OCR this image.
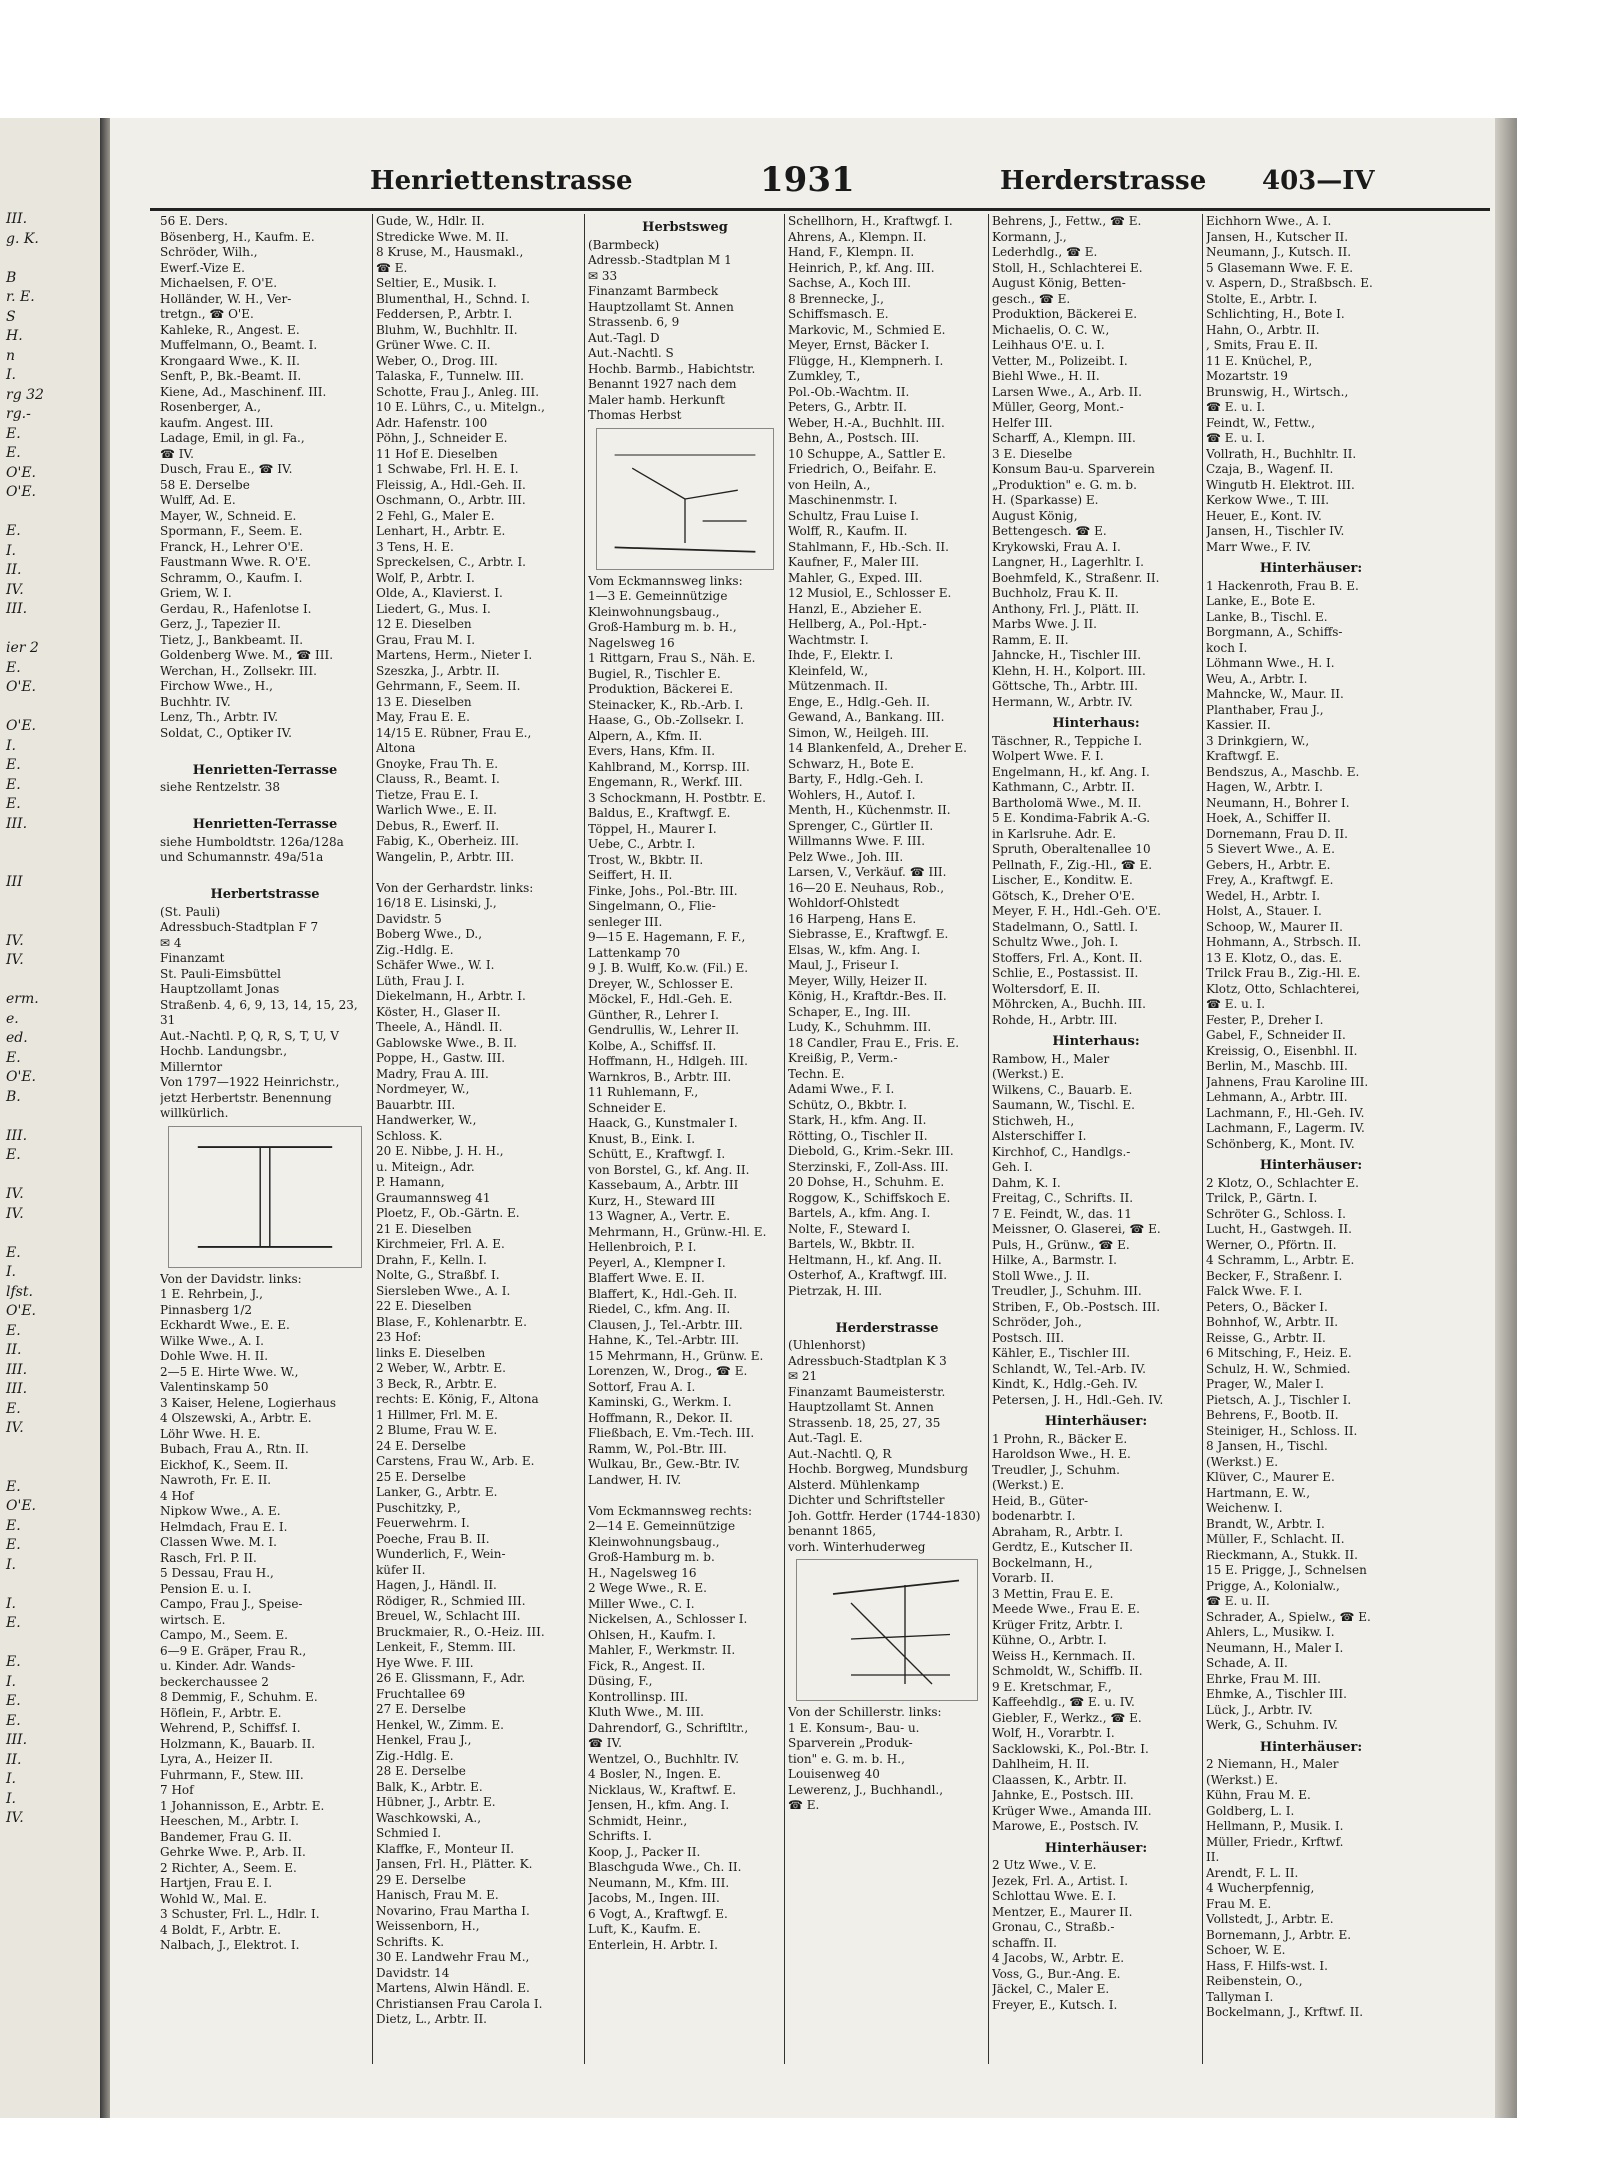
III.
g. K.

B
r. E.
S
H.
n
I.
rg 32
rg.-
E.
E.
O'E.
O'E.

E.
I.
II.
IV.
III.

ier 2
E.
O'E.

O'E.
I.
E.
E.
E.
III.

III

IV.
IV.

erm.
e.
ed.
E.
O'E.
B.

III.
E.

IV.
IV.

E.
I.
lfst.
O'E.
E.
II.
III.
III.
E.
IV.

E.
O'E.
E.
E.
I.

I.
E.

E.
I.
E.
E.
III.
II.
I.
I.
IV.
Henriettenstrasse	1931	Herderstrasse 403—IV
56 E. Ders.
Bösenberg, H., Kaufm. E.
Schröder, Wilh.,
Ewerf.-Vize E.
Michaelsen, F. O'E.
Holländer, W. H., Ver-
tretgn., ☎ O'E.
Kahleke, R., Angest. E.
Muffelmann, O., Beamt. I.
Krongaard Wwe., K. II.
Senft, P., Bk.-Beamt. II.
Kiene, Ad., Maschinenf. III.
Rosenberger, A.,
kaufm. Angest. III.
Ladage, Emil, in gl. Fa.,
☎ IV.
Dusch, Frau E., ☎ IV.
58 E. Derselbe
Wulff, Ad. E.
Mayer, W., Schneid. E.
Spormann, F., Seem. E.
Franck, H., Lehrer O'E.
Faustmann Wwe. R. O'E.
Schramm, O., Kaufm. I.
Griem, W. I.
Gerdau, R., Hafenlotse I.
Gerz, J., Tapezier II.
Tietz, J., Bankbeamt. II.
Goldenberg Wwe. M., ☎ III.
Werchan, H., Zollsekr. III.
Firchow Wwe., H.,
Buchhtr. IV.
Lenz, Th., Arbtr. IV.
Soldat, C., Optiker IV.
Henrietten-Terrasse
siehe Rentzelstr. 38
Henrietten-Terrasse
siehe Humboldtstr. 126a/128a
und Schumannstr. 49a/51a
Herbertstrasse
(St. Pauli)
Adressbuch-Stadtplan F 7
✉ 4
Finanzamt
St. Pauli-Eimsbüttel
Hauptzollamt Jonas
Straßenb. 4, 6, 9, 13, 14, 15, 23,
31
Aut.-Nachtl. P, Q, R, S, T, U, V
Hochb. Landungsbr.,
Millerntor
Von 1797—1922 Heinrichstr.,
jetzt Herbertstr. Benennung
willkürlich.
Von der Davidstr. links:
1 E. Rehrbein, J.,
Pinnasberg 1/2
Eckhardt Wwe., E. E.
Wilke Wwe., A. I.
Dohle Wwe. H. II.
2—5 E. Hirte Wwe. W.,
Valentinskamp 50
3 Kaiser, Helene, Logierhaus
4 Olszewski, A., Arbtr. E.
Löhr Wwe. H. E.
Bubach, Frau A., Rtn. II.
Eickhof, K., Seem. II.
Nawroth, Fr. E. II.
4 Hof
Nipkow Wwe., A. E.
Helmdach, Frau E. I.
Classen Wwe. M. I.
Rasch, Frl. P. II.
5 Dessau, Frau H.,
Pension E. u. I.
Campo, Frau J., Speise-
wirtsch. E.
Campo, M., Seem. E.
6—9 E. Gräper, Frau R.,
u. Kinder. Adr. Wands-
beckerchaussee 2
8 Demmig, F., Schuhm. E.
Höflein, F., Arbtr. E.
Wehrend, P., Schiffsf. I.
Holzmann, K., Bauarb. II.
Lyra, A., Heizer II.
Fuhrmann, F., Stew. III.
7 Hof
1 Johannisson, E., Arbtr. E.
Heeschen, M., Arbtr. I.
Bandemer, Frau G. II.
Gehrke Wwe. P., Arb. II.
2 Richter, A., Seem. E.
Hartjen, Frau E. I.
Wohld W., Mal. E.
3 Schuster, Frl. L., Hdlr. I.
4 Boldt, F., Arbtr. E.
Nalbach, J., Elektrot. I.
Gude, W., Hdlr. II.
Stredicke Wwe. M. II.
8 Kruse, M., Hausmakl.,
☎ E.
Seltier, E., Musik. I.
Blumenthal, H., Schnd. I.
Feddersen, P., Arbtr. I.
Bluhm, W., Buchhltr. II.
Grüner Wwe. C. II.
Weber, O., Drog. III.
Talaska, F., Tunnelw. III.
Schotte, Frau J., Anleg. III.
10 E. Lührs, C., u. Mitelgn.,
Adr. Hafenstr. 100
Pöhn, J., Schneider E.
11 Hof E. Dieselben
1 Schwabe, Frl. H. E. I.
Fleissig, A., Hdl.-Geh. II.
Oschmann, O., Arbtr. III.
2 Fehl, G., Maler E.
Lenhart, H., Arbtr. E.
3 Tens, H. E.
Spreckelsen, C., Arbtr. I.
Wolf, P., Arbtr. I.
Olde, A., Klavierst. I.
Liedert, G., Mus. I.
12 E. Dieselben
Grau, Frau M. I.
Martens, Herm., Nieter I.
Szeszka, J., Arbtr. II.
Gehrmann, F., Seem. II.
13 E. Dieselben
May, Frau E. E.
14/15 E. Rübner, Frau E.,
Altona
Gnoyke, Frau Th. E.
Clauss, R., Beamt. I.
Tietze, Frau E. I.
Warlich Wwe., E. II.
Debus, R., Ewerf. II.
Fabig, K., Oberheiz. III.
Wangelin, P., Arbtr. III.
Von der Gerhardstr. links:
16/18 E. Lisinski, J.,
Davidstr. 5
Boberg Wwe., D.,
Zig.-Hdlg. E.
Schäfer Wwe., W. I.
Lüth, Frau J. I.
Diekelmann, H., Arbtr. I.
Köster, H., Glaser II.
Theele, A., Händl. II.
Gablowske Wwe., B. II.
Poppe, H., Gastw. III.
Madry, Frau A. III.
Nordmeyer, W.,
Bauarbtr. III.
Handwerker, W.,
Schloss. K.
20 E. Nibbe, J. H. H.,
u. Miteign., Adr.
P. Hamann,
Graumannsweg 41
Ploetz, F., Ob.-Gärtn. E.
21 E. Dieselben
Kirchmeier, Frl. A. E.
Drahn, F., Kelln. I.
Nolte, G., Straßbf. I.
Siersleben Wwe., A. I.
22 E. Dieselben
Blase, F., Kohlenarbtr. E.
23 Hof:
links E. Dieselben
2 Weber, W., Arbtr. E.
3 Beck, R., Arbtr. E.
rechts: E. König, F., Altona
1 Hillmer, Frl. M. E.
2 Blume, Frau W. E.
24 E. Derselbe
Carstens, Frau W., Arb. E.
25 E. Derselbe
Lanker, G., Arbtr. E.
Puschitzky, P.,
Feuerwehrm. I.
Poeche, Frau B. II.
Wunderlich, F., Wein-
küfer II.
Hagen, J., Händl. II.
Rödiger, R., Schmied III.
Breuel, W., Schlacht III.
Bruckmaier, R., O.-Heiz. III.
Lenkeit, F., Stemm. III.
Hye Wwe. F. III.
26 E. Glissmann, F., Adr.
Fruchtallee 69
27 E. Derselbe
Henkel, W., Zimm. E.
Henkel, Frau J.,
Zig.-Hdlg. E.
28 E. Derselbe
Balk, K., Arbtr. E.
Hübner, J., Arbtr. E.
Waschkowski, A.,
Schmied I.
Klaffke, F., Monteur II.
Jansen, Frl. H., Plätter. K.
29 E. Derselbe
Hanisch, Frau M. E.
Novarino, Frau Martha I.
Weissenborn, H.,
Schrifts. K.
30 E. Landwehr Frau M.,
Davidstr. 14
Martens, Alwin Händl. E.
Christiansen Frau Carola I.
Dietz, L., Arbtr. II.
Herbstsweg
(Barmbeck)
Adressb.-Stadtplan M 1
✉ 33
Finanzamt Barmbeck
Hauptzollamt St. Annen
Strassenb. 6, 9
Aut.-Tagl. D
Aut.-Nachtl. S
Hochb. Barmb., Habichtstr.
Benannt 1927 nach dem
Maler hamb. Herkunft
Thomas Herbst
Vom Eckmannsweg links:
1—3 E. Gemeinnützige
Kleinwohnungsbaug.,
Groß-Hamburg m. b. H.,
Nagelsweg 16
1 Rittgarn, Frau S., Näh. E.
Bugiel, R., Tischler E.
Produktion, Bäckerei E.
Steinacker, K., Rb.-Arb. I.
Haase, G., Ob.-Zollsekr. I.
Alpern, A., Kfm. II.
Evers, Hans, Kfm. II.
Kahlbrand, M., Korrsp. III.
Engemann, R., Werkf. III.
3 Schockmann, H. Postbtr. E.
Baldus, E., Kraftwgf. E.
Töppel, H., Maurer I.
Uebe, C., Arbtr. I.
Trost, W., Bkbtr. II.
Seiffert, H. II.
Finke, Johs., Pol.-Btr. III.
Singelmann, O., Flie-
senleger III.
9—15 E. Hagemann, F. F.,
Lattenkamp 70
9 J. B. Wulff, Ko.w. (Fil.) E.
Dreyer, W., Schlosser E.
Möckel, F., Hdl.-Geh. E.
Günther, R., Lehrer I.
Gendrullis, W., Lehrer II.
Kolbe, A., Schiffsf. II.
Hoffmann, H., Hdlgeh. III.
Warnkros, B., Arbtr. III.
11 Ruhlemann, F.,
Schneider E.
Haack, G., Kunstmaler I.
Knust, B., Eink. I.
Schütt, E., Kraftwgf. I.
von Borstel, G., kf. Ang. II.
Kassebaum, A., Arbtr. III
Kurz, H., Steward III
13 Wagner, A., Vertr. E.
Mehrmann, H., Grünw.-Hl. E.
Hellenbroich, P. I.
Peyerl, A., Klempner I.
Blaffert Wwe. E. II.
Blaffert, K., Hdl.-Geh. II.
Riedel, C., kfm. Ang. II.
Clausen, J., Tel.-Arbtr. III.
Hahne, K., Tel.-Arbtr. III.
15 Mehrmann, H., Grünw. E.
Lorenzen, W., Drog., ☎ E.
Sottorf, Frau A. I.
Kaminski, G., Werkm. I.
Hoffmann, R., Dekor. II.
Fließbach, E. Vm.-Tech. III.
Ramm, W., Pol.-Btr. III.
Wulkau, Br., Gew.-Btr. IV.
Landwer, H. IV.
Vom Eckmannsweg rechts:
2—14 E. Gemeinnützige
Kleinwohnungsbaug.,
Groß-Hamburg m. b.
H., Nagelsweg 16
2 Wege Wwe., R. E.
Miller Wwe., C. I.
Nickelsen, A., Schlosser I.
Ohlsen, H., Kaufm. I.
Mahler, F., Werkmstr. II.
Fick, R., Angest. II.
Düsing, F.,
Kontrollinsp. III.
Kluth Wwe., M. III.
Dahrendorf, G., Schriftltr.,
☎ IV.
Wentzel, O., Buchhltr. IV.
4 Bosler, N., Ingen. E.
Nicklaus, W., Kraftwf. E.
Jensen, H., kfm. Ang. I.
Schmidt, Heinr.,
Schrifts. I.
Koop, J., Packer II.
Blaschguda Wwe., Ch. II.
Neumann, M., Kfm. III.
Jacobs, M., Ingen. III.
6 Vogt, A., Kraftwgf. E.
Luft, K., Kaufm. E.
Enterlein, H. Arbtr. I.
Schellhorn, H., Kraftwgf. I.
Ahrens, A., Klempn. II.
Hand, F., Klempn. II.
Heinrich, P., kf. Ang. III.
Sachse, A., Koch III.
8 Brennecke, J.,
Schiffsmasch. E.
Markovic, M., Schmied E.
Meyer, Ernst, Bäcker I.
Flügge, H., Klempnerh. I.
Zumkley, T.,
Pol.-Ob.-Wachtm. II.
Peters, G., Arbtr. II.
Weber, H.-A., Buchhlt. III.
Behn, A., Postsch. III.
10 Schuppe, A., Sattler E.
Friedrich, O., Beifahr. E.
von Heiln, A.,
Maschinenmstr. I.
Schultz, Frau Luise I.
Wolff, R., Kaufm. II.
Stahlmann, F., Hb.-Sch. II.
Kaufner, F., Maler III.
Mahler, G., Exped. III.
12 Musiol, E., Schlosser E.
Hanzl, E., Abzieher E.
Hellberg, A., Pol.-Hpt.-
Wachtmstr. I.
Ihde, F., Elektr. I.
Kleinfeld, W.,
Mützenmach. II.
Enge, E., Hdlg.-Geh. II.
Gewand, A., Bankang. III.
Simon, W., Heilgeh. III.
14 Blankenfeld, A., Dreher E.
Schwarz, H., Bote E.
Barty, F., Hdlg.-Geh. I.
Wohlers, H., Autof. I.
Menth, H., Küchenmstr. II.
Sprenger, C., Gürtler II.
Willmanns Wwe. F. III.
Pelz Wwe., Joh. III.
Larsen, V., Verkäuf. ☎ III.
16—20 E. Neuhaus, Rob.,
Wohldorf-Ohlstedt
16 Harpeng, Hans E.
Siebrasse, E., Kraftwgf. E.
Elsas, W., kfm. Ang. I.
Maul, J., Friseur I.
Meyer, Willy, Heizer II.
König, H., Kraftdr.-Bes. II.
Schaper, E., Ing. III.
Ludy, K., Schuhmm. III.
18 Candler, Frau E., Fris. E.
Kreißig, P., Verm.-
Techn. E.
Adami Wwe., F. I.
Schütz, O., Bkbtr. I.
Stark, H., kfm. Ang. II.
Rötting, O., Tischler II.
Diebold, G., Krim.-Sekr. III.
Sterzinski, F., Zoll-Ass. III.
20 Dohse, H., Schuhm. E.
Roggow, K., Schiffskoch E.
Bartels, A., kfm. Ang. I.
Nolte, F., Steward I.
Bartels, W., Bkbtr. II.
Heltmann, H., kf. Ang. II.
Osterhof, A., Kraftwgf. III.
Pietrzak, H. III.
Herderstrasse
(Uhlenhorst)
Adressbuch-Stadtplan K 3
✉ 21
Finanzamt Baumeisterstr.
Hauptzollamt St. Annen
Strassenb. 18, 25, 27, 35
Aut.-Tagl. E.
Aut.-Nachtl. Q, R
Hochb. Borgweg, Mundsburg
Alsterd. Mühlenkamp
Dichter und Schriftsteller
Joh. Gottfr. Herder (1744-1830)
benannt 1865,
vorh. Winterhuderweg
Von der Schillerstr. links:
1 E. Konsum-, Bau- u.
Sparverein „Produk-
tion" e. G. m. b. H.,
Louisenweg 40
Lewerenz, J., Buchhandl.,
☎ E.
Behrens, J., Fettw., ☎ E.
Kormann, J.,
Lederhdlg., ☎ E.
Stoll, H., Schlachterei E.
August König, Betten-
gesch., ☎ E.
Produktion, Bäckerei E.
Michaelis, O. C. W.,
Leihhaus O'E. u. I.
Vetter, M., Polizeibt. I.
Biehl Wwe., H. II.
Larsen Wwe., A., Arb. II.
Müller, Georg, Mont.-
Helfer III.
Scharff, A., Klempn. III.
3 E. Dieselbe
Konsum Bau-u. Sparverein
„Produktion" e. G. m. b.
H. (Sparkasse) E.
August König,
Bettengesch. ☎ E.
Krykowski, Frau A. I.
Langner, H., Lagerhltr. I.
Boehmfeld, K., Straßenr. II.
Buchholz, Frau K. II.
Anthony, Frl. J., Plätt. II.
Marbs Wwe. J. II.
Ramm, E. II.
Jahncke, H., Tischler III.
Klehn, H. H., Kolport. III.
Göttsche, Th., Arbtr. III.
Hermann, W., Arbtr. IV.
Hinterhaus:
Täschner, R., Teppiche I.
Wolpert Wwe. F. I.
Engelmann, H., kf. Ang. I.
Kathmann, C., Arbtr. II.
Bartholomä Wwe., M. II.
5 E. Kondima-Fabrik A.-G.
in Karlsruhe. Adr. E.
Spruth, Oberaltenallee 10
Pellnath, F., Zig.-Hl., ☎ E.
Lischer, E., Konditw. E.
Götsch, K., Dreher O'E.
Meyer, F. H., Hdl.-Geh. O'E.
Stadelmann, O., Sattl. I.
Schultz Wwe., Joh. I.
Stoffers, Frl. A., Kont. II.
Schlie, E., Postassist. II.
Woltersdorf, E. II.
Möhrcken, A., Buchh. III.
Rohde, H., Arbtr. III.
Hinterhaus:
Rambow, H., Maler
(Werkst.) E.
Wilkens, C., Bauarb. E.
Saumann, W., Tischl. E.
Stichweh, H.,
Alsterschiffer I.
Kirchhof, C., Handlgs.-
Geh. I.
Dahm, K. I.
Freitag, C., Schrifts. II.
7 E. Feindt, W., das. 11
Meissner, O. Glaserei, ☎ E.
Puls, H., Grünw., ☎ E.
Hilke, A., Barmstr. I.
Stoll Wwe., J. II.
Treudler, J., Schuhm. III.
Striben, F., Ob.-Postsch. III.
Schröder, Joh.,
Postsch. III.
Kähler, E., Tischler III.
Schlandt, W., Tel.-Arb. IV.
Kindt, K., Hdlg.-Geh. IV.
Petersen, J. H., Hdl.-Geh. IV.
Hinterhäuser:
1 Prohn, R., Bäcker E.
Haroldson Wwe., H. E.
Treudler, J., Schuhm.
(Werkst.) E.
Heid, B., Güter-
bodenarbtr. I.
Abraham, R., Arbtr. I.
Gerdtz, E., Kutscher II.
Bockelmann, H.,
Vorarb. II.
3 Mettin, Frau E. E.
Meede Wwe., Frau E. E.
Krüger Fritz, Arbtr. I.
Kühne, O., Arbtr. I.
Weiss H., Kernmach. II.
Schmoldt, W., Schiffb. II.
9 E. Kretschmar, F.,
Kaffeehdlg., ☎ E. u. IV.
Giebler, F., Werkz., ☎ E.
Wolf, H., Vorarbtr. I.
Sacklowski, K., Pol.-Btr. I.
Dahlheim, H. II.
Claassen, K., Arbtr. II.
Jahnke, E., Postsch. III.
Krüger Wwe., Amanda III.
Marowe, E., Postsch. IV.
Hinterhäuser:
2 Utz Wwe., V. E.
Jezek, Frl. A., Artist. I.
Schlottau Wwe. E. I.
Mentzer, E., Maurer II.
Gronau, C., Straßb.-
schaffn. II.
4 Jacobs, W., Arbtr. E.
Voss, G., Bur.-Ang. E.
Jäckel, C., Maler E.
Freyer, E., Kutsch. I.
Eichhorn Wwe., A. I.
Jansen, H., Kutscher II.
Neumann, J., Kutsch. II.
5 Glasemann Wwe. F. E.
v. Aspern, D., Straßbsch. E.
Stolte, E., Arbtr. I.
Schlichting, H., Bote I.
Hahn, O., Arbtr. II.
, Smits, Frau E. II.
11 E. Knüchel, P.,
Mozartstr. 19
Brunswig, H., Wirtsch.,
☎ E. u. I.
Feindt, W., Fettw.,
☎ E. u. I.
Vollrath, H., Buchhltr. II.
Czaja, B., Wagenf. II.
Wingutb H. Elektrot. III.
Kerkow Wwe., T. III.
Heuer, E., Kont. IV.
Jansen, H., Tischler IV.
Marr Wwe., F. IV.
Hinterhäuser:
1 Hackenroth, Frau B. E.
Lanke, E., Bote E.
Lanke, B., Tischl. E.
Borgmann, A., Schiffs-
koch I.
Löhmann Wwe., H. I.
Weu, A., Arbtr. I.
Mahncke, W., Maur. II.
Planthaber, Frau J.,
Kassier. II.
3 Drinkgiern, W.,
Kraftwgf. E.
Bendszus, A., Maschb. E.
Hagen, W., Arbtr. I.
Neumann, H., Bohrer I.
Hoek, A., Schiffer II.
Dornemann, Frau D. II.
5 Sievert Wwe., A. E.
Gebers, H., Arbtr. E.
Frey, A., Kraftwgf. E.
Wedel, H., Arbtr. I.
Holst, A., Stauer. I.
Schoop, W., Maurer II.
Hohmann, A., Strbsch. II.
13 E. Klotz, O., das. E.
Trilck Frau B., Zig.-Hl. E.
Klotz, Otto, Schlachterei,
☎ E. u. I.
Fester, P., Dreher I.
Gabel, F., Schneider II.
Kreissig, O., Eisenbhl. II.
Berlin, M., Maschb. III.
Jahnens, Frau Karoline III.
Lehmann, A., Arbtr. III.
Lachmann, F., Hl.-Geh. IV.
Lachmann, F., Lagerm. IV.
Schönberg, K., Mont. IV.
Hinterhäuser:
2 Klotz, O., Schlachter E.
Trilck, P., Gärtn. I.
Schröter G., Schloss. I.
Lucht, H., Gastwgeh. II.
Werner, O., Pförtn. II.
4 Schramm, L., Arbtr. E.
Becker, F., Straßenr. I.
Falck Wwe. F. I.
Peters, O., Bäcker I.
Bohnhof, W., Arbtr. II.
Reisse, G., Arbtr. II.
6 Mitsching, F., Heiz. E.
Schulz, H. W., Schmied.
Prager, W., Maler I.
Pietsch, A. J., Tischler I.
Behrens, F., Bootb. II.
Steiniger, H., Schloss. II.
8 Jansen, H., Tischl.
(Werkst.) E.
Klüver, C., Maurer E.
Hartmann, E. W.,
Weichenw. I.
Brandt, W., Arbtr. I.
Müller, F., Schlacht. II.
Rieckmann, A., Stukk. II.
15 E. Prigge, J., Schnelsen
Prigge, A., Kolonialw.,
☎ E. u. II.
Schrader, A., Spielw., ☎ E.
Ahlers, L., Musikw. I.
Neumann, H., Maler I.
Schade, A. II.
Ehrke, Frau M. III.
Ehmke, A., Tischler III.
Lück, J., Arbtr. IV.
Werk, G., Schuhm. IV.
Hinterhäuser:
2 Niemann, H., Maler
(Werkst.) E.
Kühn, Frau M. E.
Goldberg, L. I.
Hellmann, P., Musik. I.
Müller, Friedr., Krftwf.
II.
Arendt, F. L. II.
4 Wucherpfennig,
Frau M. E.
Vollstedt, J., Arbtr. E.
Bornemann, J., Arbtr. E.
Schoer, W. E.
Hass, F. Hilfs-wst. I.
Reibenstein, O.,
Tallyman I.
Bockelmann, J., Krftwf. II.
